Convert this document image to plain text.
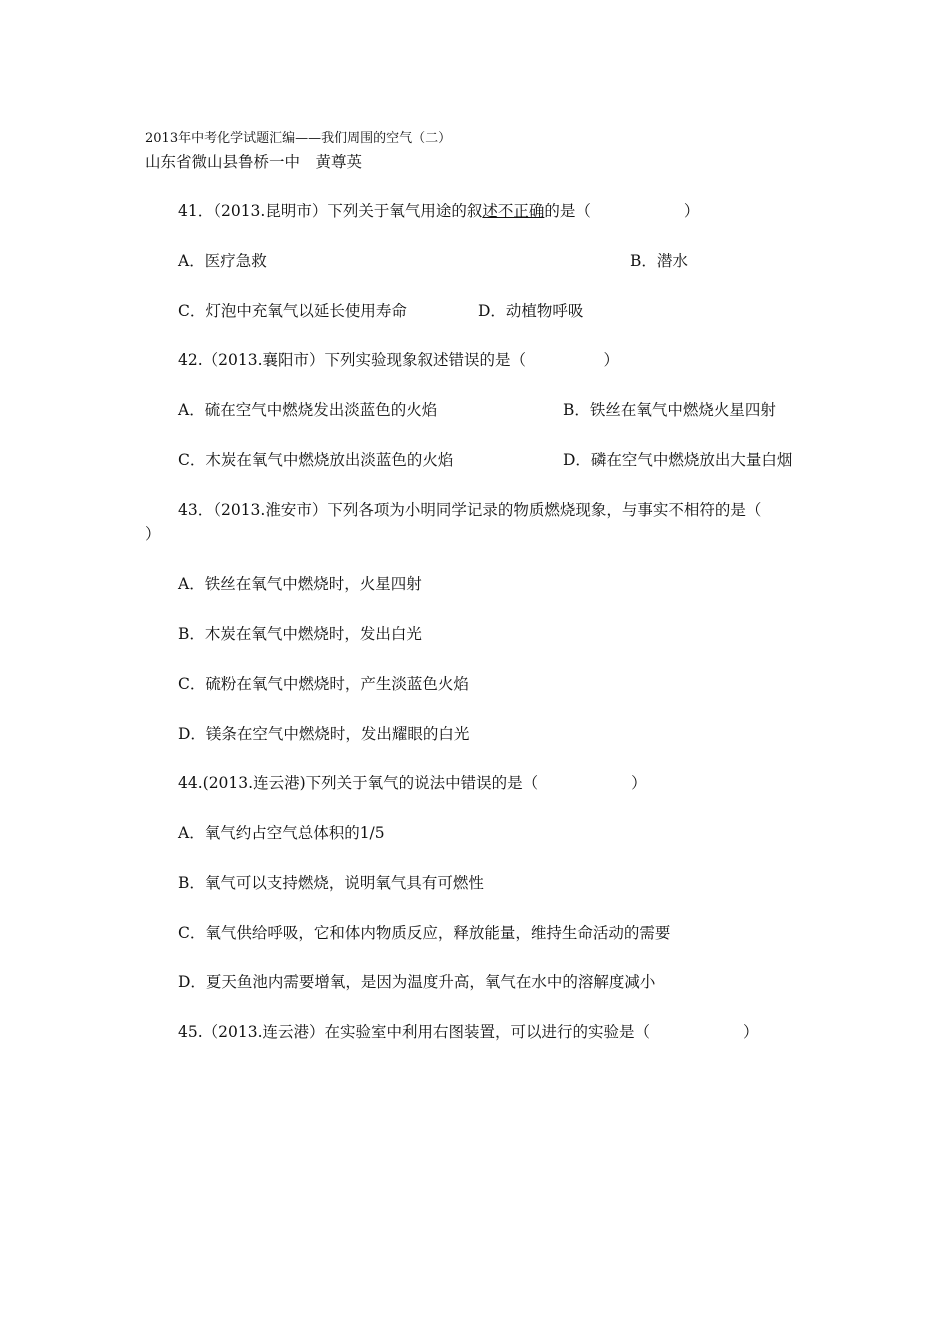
2013年中考化学试题汇编——我们周围的空气（二）
山东省微山县鲁桥一中　黄尊英
41．（2013.昆明市）下列关于氧气用途的叙述不正确的是（　　　　　　）
A．医疗急救	B．潜水
C．灯泡中充氧气以延长使用寿命	D．动植物呼吸
42.（2013.襄阳市）下列实验现象叙述错误的是（　　　　　）
A．硫在空气中燃烧发出淡蓝色的火焰	B．铁丝在氧气中燃烧火星四射
C．木炭在氧气中燃烧放出淡蓝色的火焰	D．磷在空气中燃烧放出大量白烟
43．（2013.淮安市）下列各项为小明同学记录的物质燃烧现象，与事实不相符的是（
）
A．铁丝在氧气中燃烧时，火星四射
B．木炭在氧气中燃烧时，发出白光
C．硫粉在氧气中燃烧时，产生淡蓝色火焰
D．镁条在空气中燃烧时，发出耀眼的白光
44.(2013.连云港)下列关于氧气的说法中错误的是（　　　　　　）
A．氧气约占空气总体积的1/5
B．氧气可以支持燃烧，说明氧气具有可燃性
C．氧气供给呼吸，它和体内物质反应，释放能量，维持生命活动的需要
D．夏天鱼池内需要增氧，是因为温度升高，氧气在水中的溶解度减小
45.（2013.连云港）在实验室中利用右图装置，可以进行的实验是（　　　　　　）
